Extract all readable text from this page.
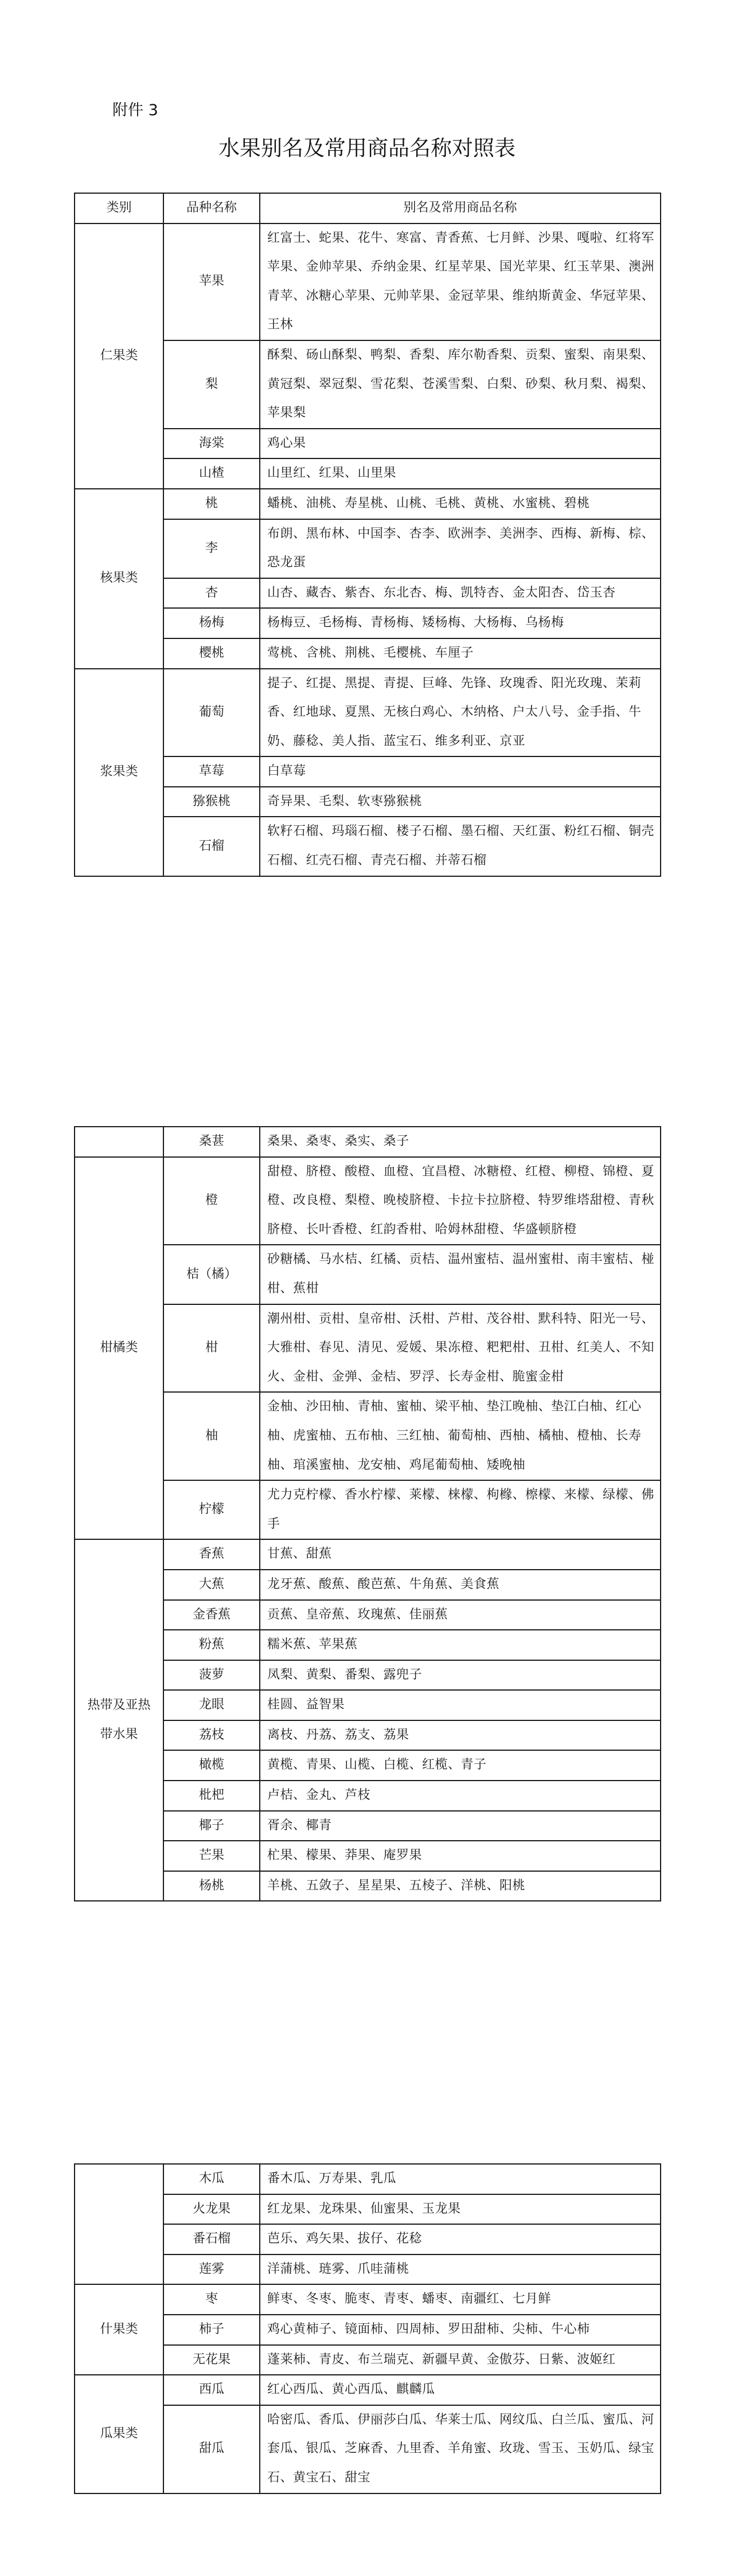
附件 3
水果别名及常用商品名称对照表
类别	品种名称	别名及常用商品名称
仁果类	苹果	红富士、蛇果、花牛、寒富、青香蕉、七月鲜、沙果、嘎啦、红将军苹果、金帅苹果、乔纳金果、红星苹果、国光苹果、红玉苹果、澳洲青苹、冰糖心苹果、元帅苹果、金冠苹果、维纳斯黄金、华冠苹果、王林
	梨	酥梨、砀山酥梨、鸭梨、香梨、库尔勒香梨、贡梨、蜜梨、南果梨、黄冠梨、翠冠梨、雪花梨、苍溪雪梨、白梨、砂梨、秋月梨、褐梨、苹果梨
	海棠	鸡心果
	山楂	山里红、红果、山里果
核果类	桃	蟠桃、油桃、寿星桃、山桃、毛桃、黄桃、水蜜桃、碧桃
	李	布朗、黑布林、中国李、杏李、欧洲李、美洲李、西梅、新梅、棕、恐龙蛋
	杏	山杏、藏杏、紫杏、东北杏、梅、凯特杏、金太阳杏、岱玉杏
	杨梅	杨梅豆、毛杨梅、青杨梅、矮杨梅、大杨梅、乌杨梅
	樱桃	莺桃、含桃、荆桃、毛樱桃、车厘子
浆果类	葡萄	提子、红提、黑提、青提、巨峰、先锋、玫瑰香、阳光玫瑰、茉莉香、红地球、夏黑、无核白鸡心、木纳格、户太八号、金手指、牛奶、藤稔、美人指、蓝宝石、维多利亚、京亚
	草莓	白草莓
	猕猴桃	奇异果、毛梨、软枣猕猴桃
	石榴	软籽石榴、玛瑙石榴、楼子石榴、墨石榴、天红蛋、粉红石榴、铜壳石榴、红壳石榴、青壳石榴、并蒂石榴
	桑葚	桑果、桑枣、桑实、桑子
柑橘类	橙	甜橙、脐橙、酸橙、血橙、宜昌橙、冰糖橙、红橙、柳橙、锦橙、夏橙、改良橙、梨橙、晚棱脐橙、卡拉卡拉脐橙、特罗维塔甜橙、青秋脐橙、长叶香橙、红韵香柑、哈姆林甜橙、华盛顿脐橙
	桔（橘）	砂糖橘、马水桔、红橘、贡桔、温州蜜桔、温州蜜柑、南丰蜜桔、椪柑、蕉柑
	柑	潮州柑、贡柑、皇帝柑、沃柑、芦柑、茂谷柑、默科特、阳光一号、大雅柑、春见、清见、爱媛、果冻橙、粑粑柑、丑柑、红美人、不知火、金柑、金弹、金桔、罗浮、长寿金柑、脆蜜金柑
	柚	金柚、沙田柚、青柚、蜜柚、梁平柚、垫江晚柚、垫江白柚、红心柚、虎蜜柚、五布柚、三红柚、葡萄柚、西柚、橘柚、橙柚、长寿柚、琯溪蜜柚、龙安柚、鸡尾葡萄柚、矮晚柚
	柠檬	尤力克柠檬、香水柠檬、莱檬、梾檬、枸橼、檫檬、来檬、绿檬、佛手
热带及亚热带水果	香蕉	甘蕉、甜蕉
	大蕉	龙牙蕉、酸蕉、酸芭蕉、牛角蕉、美食蕉
	金香蕉	贡蕉、皇帝蕉、玫瑰蕉、佳丽蕉
	粉蕉	糯米蕉、苹果蕉
	菠萝	凤梨、黄梨、番梨、露兜子
	龙眼	桂圆、益智果
	荔枝	离枝、丹荔、荔支、荔果
	橄榄	黄榄、青果、山榄、白榄、红榄、青子
	枇杷	卢桔、金丸、芦枝
	椰子	胥余、椰青
	芒果	杧果、檬果、莽果、庵罗果
	杨桃	羊桃、五敛子、星星果、五棱子、洋桃、阳桃
	木瓜	番木瓜、万寿果、乳瓜
	火龙果	红龙果、龙珠果、仙蜜果、玉龙果
	番石榴	芭乐、鸡矢果、拔仔、花稔
	莲雾	洋蒲桃、琏雾、爪哇蒲桃
什果类	枣	鲜枣、冬枣、脆枣、青枣、蟠枣、南疆红、七月鲜
	柿子	鸡心黄柿子、镜面柿、四周柿、罗田甜柿、尖柿、牛心柿
	无花果	蓬莱柿、青皮、布兰瑞克、新疆早黄、金傲芬、日紫、波姬红
瓜果类	西瓜	红心西瓜、黄心西瓜、麒麟瓜
	甜瓜	哈密瓜、香瓜、伊丽莎白瓜、华莱士瓜、网纹瓜、白兰瓜、蜜瓜、河套瓜、银瓜、芝麻香、九里香、羊角蜜、玫珑、雪玉、玉奶瓜、绿宝石、黄宝石、甜宝
